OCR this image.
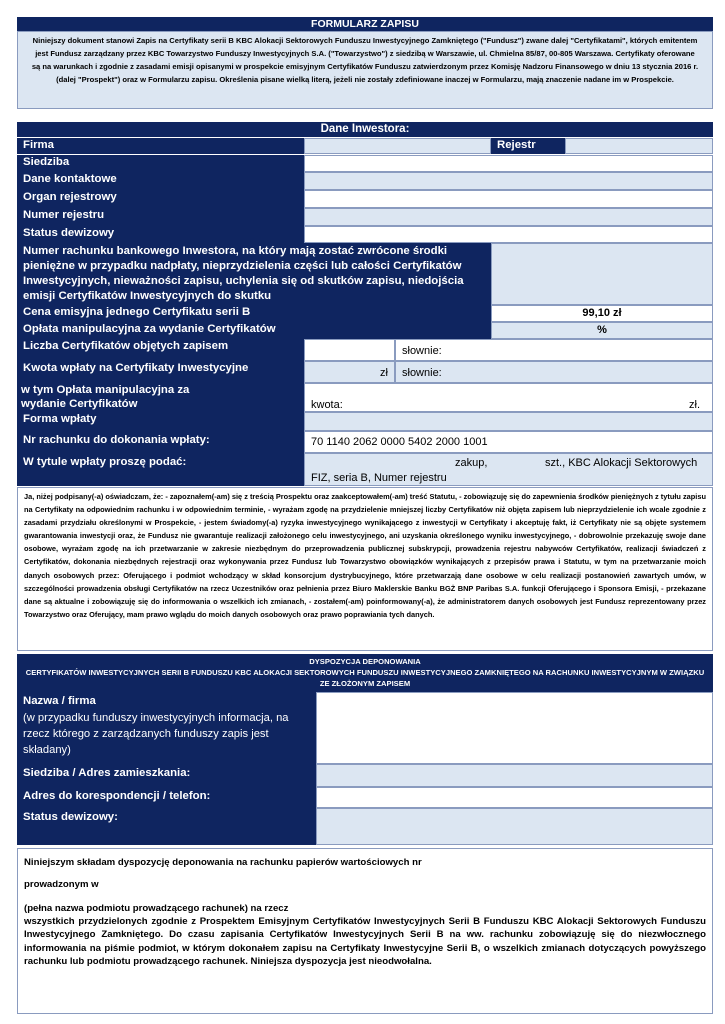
FORMULARZ ZAPISU
Niniejszy dokument stanowi Zapis na Certyfikaty serii B KBC Alokacji Sektorowych Funduszu Inwestycyjnego Zamkniętego ("Fundusz") zwane dalej "Certyfikatami", których emitentem jest Fundusz zarządzany przez KBC Towarzystwo Funduszy Inwestycyjnych S.A. ("Towarzystwo") z siedzibą w Warszawie, ul. Chmielna 85/87, 00-805 Warszawa. Certyfikaty oferowane są na warunkach i zgodnie z zasadami emisji opisanymi w prospekcie emisyjnym Certyfikatów Funduszu zatwierdzonym przez Komisję Nadzoru Finansowego w dniu 13 stycznia 2016 r. (dalej "Prospekt") oraz w Formularzu zapisu. Określenia pisane wielką literą, jeżeli nie zostały zdefiniowane inaczej w Formularzu, mają znaczenie nadane im w Prospekcie.
Dane Inwestora:
Firma	Rejestr
Siedziba
Dane kontaktowe
Organ rejestrowy
Numer rejestru
Status dewizowy
Numer rachunku bankowego Inwestora, na który mają zostać zwrócone środki pieniężne w przypadku nadpłaty, nieprzydzielenia części lub całości Certyfikatów Inwestycyjnych, nieważności zapisu, uchylenia się od skutków zapisu, niedojścia emisji Certyfikatów Inwestycyjnych do skutku
Cena emisyjna jednego Certyfikatu serii B	99,10 zł
Opłata manipulacyjna za wydanie Certyfikatów	%
Liczba Certyfikatów objętych zapisem	słownie:
Kwota wpłaty na Certyfikaty Inwestycyjne	zł	słownie:
w tym Opłata manipulacyjna za wydanie Certyfikatów	kwota:	zł.
Forma wpłaty
Nr rachunku do dokonania wpłaty:	70 1140 2062 0000 5402 2000 1001
W tytule wpłaty proszę podać:	zakup,	szt., KBC Alokacji Sektorowych
FIZ, seria B, Numer rejestru
Ja, niżej podpisany(-a) oświadczam, że: - zapoznałem(-am) się z treścią Prospektu oraz zaakceptowałem(-am) treść Statutu, - zobowiązuję się do zapewnienia środków pieniężnych z tytułu zapisu na Certyfikaty na odpowiednim rachunku i w odpowiednim terminie, - wyrażam zgodę na przydzielenie mniejszej liczby Certyfikatów niż objęta zapisem lub nieprzydzielenie ich wcale zgodnie z zasadami przydziału określonymi w Prospekcie, - jestem świadomy(-a) ryzyka inwestycyjnego wynikającego z inwestycji w Certyfikaty i akceptuję fakt, iż Certyfikaty nie są objęte systemem gwarantowania inwestycji oraz, że Fundusz nie gwarantuje realizacji założonego celu inwestycyjnego, ani uzyskania określonego wyniku inwestycyjnego, - dobrowolnie przekazuję swoje dane osobowe, wyrażam zgodę na ich przetwarzanie w zakresie niezbędnym do przeprowadzenia publicznej subskrypcji, prowadzenia rejestru nabywców Certyfikatów, realizacji świadczeń z Certyfikatów, dokonania niezbędnych rejestracji oraz wykonywania przez Fundusz lub Towarzystwo obowiązków wynikających z przepisów prawa i Statutu, w tym na przetwarzanie moich danych osobowych przez: Oferującego i podmiot wchodzący w skład konsorcjum dystrybucyjnego, które przetwarzają dane osobowe w celu realizacji postanowień zawartych umów, w szczególności prowadzenia obsługi Certyfikatów na rzecz Uczestników oraz pełnienia przez Biuro Maklerskie Banku BGŻ BNP Paribas S.A. funkcji Oferującego i Sponsora Emisji, - przekazane dane są aktualne i zobowiązuję się do informowania o wszelkich ich zmianach, - zostałem(-am) poinformowany(-a), że administratorem danych osobowych jest Fundusz reprezentowany przez Towarzystwo oraz Oferujący, mam prawo wglądu do moich danych osobowych oraz prawo poprawiania tych danych.
DYSPOZYCJA DEPONOWANIA
CERTYFIKATÓW INWESTYCYJNYCH SERII B FUNDUSZU KBC ALOKACJI SEKTOROWYCH FUNDUSZU INWESTYCYJNEGO ZAMKNIĘTEGO NA RACHUNKU INWESTYCYJNYM W ZWIĄZKU ZE ZŁOŻONYM ZAPISEM
Nazwa / firma
(w przypadku funduszy inwestycyjnych informacja, na rzecz którego z zarządzanych funduszy zapis jest składany)
Siedziba / Adres zamieszkania:
Adres do korespondencji / telefon:
Status dewizowy:
Niniejszym składam dyspozycję deponowania na rachunku papierów wartościowych nr
prowadzonym w
(pełna nazwa podmiotu prowadzącego rachunek) na rzecz
wszystkich przydzielonych zgodnie z Prospektem Emisyjnym Certyfikatów Inwestycyjnych Serii B Funduszu KBC Alokacji Sektorowych Funduszu Inwestycyjnego Zamkniętego. Do czasu zapisania Certyfikatów Inwestycyjnych Serii B na ww. rachunku zobowiązuję się do niezwłocznego informowania na piśmie podmiot, w którym dokonałem zapisu na Certyfikaty Inwestycyjne Serii B, o wszelkich zmianach dotyczących powyższego rachunku lub podmiotu prowadzącego rachunek. Niniejsza dyspozycja jest nieodwołalna.
